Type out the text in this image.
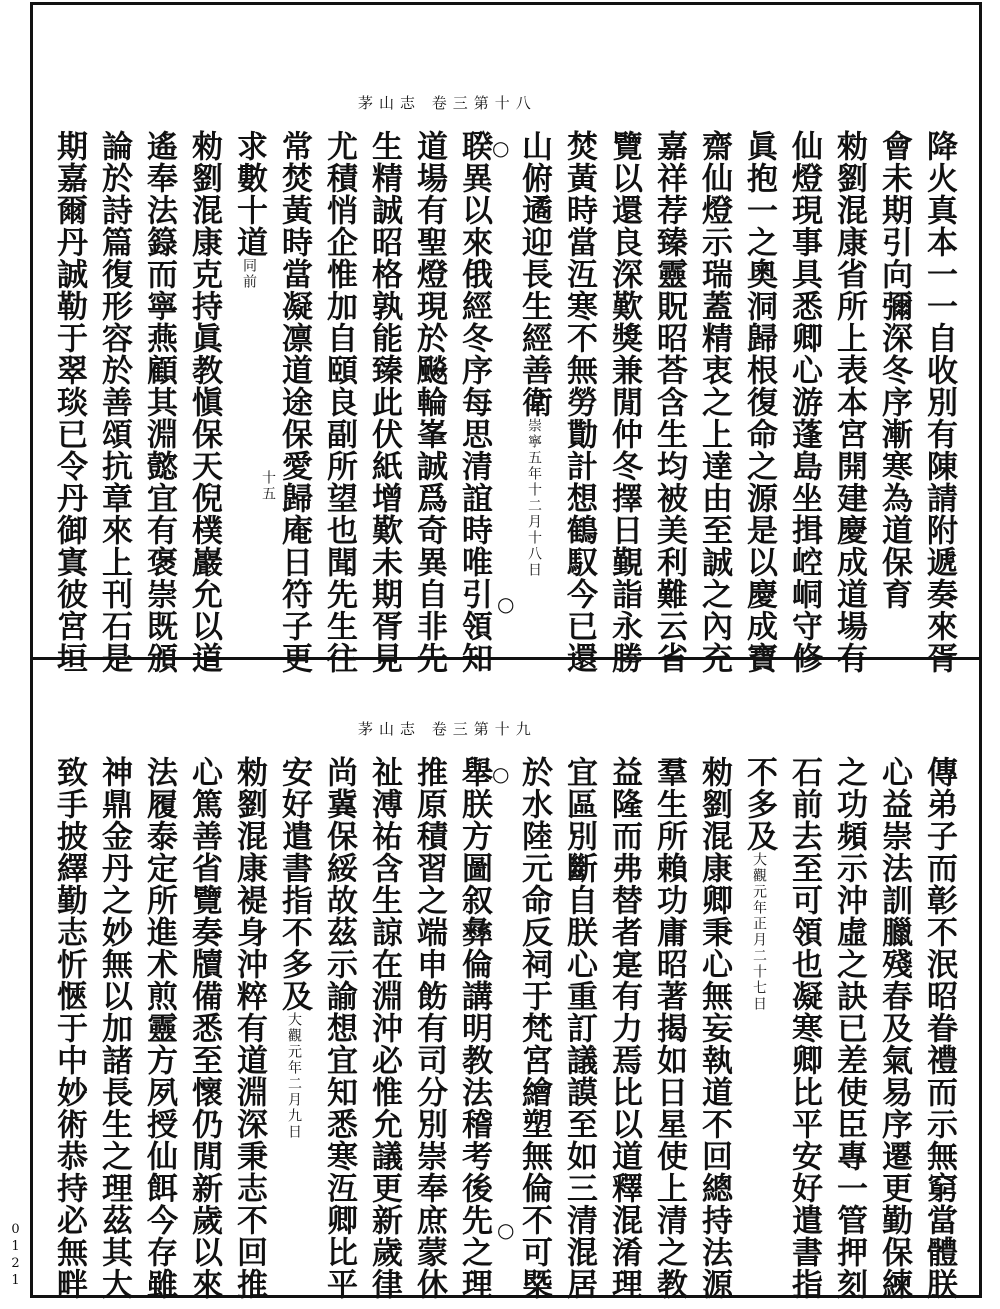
茅山志 卷三第十八
降火真本一一自收別有陳請附遞奏來胥
會未期引向彌深冬序漸寒為道保育
勑劉混康省所上表本宮開建慶成道場有
仙燈現事具悉卿心游蓬島坐揖崆峒守修
眞抱一之奧洞歸根復命之源是以慶成寶
齋仙燈示瑞蓋精衷之上達由至誠之內充
嘉祥荐臻靈貺昭荅含生均被美利難云省
覽以還良深歎獎兼閒仲冬擇日覲詣永勝
焚黃時當沍寒不無勞勩計想鶴馭今已還
山俯遹迎長生經善衛崇寧五年十二月十八日
○
聧異以來俄經冬序每思清誼時唯引領知
道場有聖燈現於飈輪峯誠爲奇異自非先
生精誠昭格孰能臻此伏紙增歎未期胥見
尤積悄企惟加自頤良副所望也聞先生往
常焚黃時當凝凛道途保愛歸庵日符子更
求數十道同前
十五
勑劉混康克持眞教愼保天倪樸巖允以道
遙奉法籙而寧燕顧其淵懿宜有褒崇既頒
論於詩篇復形容於善頌抗章來上刊石是
期嘉爾丹誠勒于翠琰已令丹御寘彼宮垣	○
茅山志 卷三第十九
傳弟子而彰不泯昭眷禮而示無窮當體朕
心益崇法訓臘殘春及氣易序遷更勤保練
之功頻示沖虛之訣已差使臣專一管押刻
石前去至可領也凝寒卿比平安好遣書指
不多及大觀元年正月二十七日
勑劉混康卿秉心無妄執道不回總持法源
羣生所賴功庸昭著揭如日星使上清之教
益隆而弗替者寔有力焉比以道釋混淆理
宜區別斷自朕心重訂議謨至如三清混居
於水陸元命反祠于梵宮繪塑無倫不可槩
○
舉朕方圖叙彝倫講明教法稽考後先之理 ○
推原積習之端申飭有司分別崇奉庶蒙休
祉溥祐含生諒在淵沖必惟允議更新歲律
尚冀保綏故茲示諭想宜知悉寒沍卿比平
安好遣書指不多及大觀元年二月九日
勑劉混康褆身沖粹有道淵深秉志不回推
心篤善省覽奏牘備悉至懷仍閒新歲以來
法履泰定所進术煎靈方夙授仙餌今存雖
神鼎金丹之妙無以加諸長生之理茲其大
致手披繹勤志忻愜于中妙術恭持必無畔
0121
